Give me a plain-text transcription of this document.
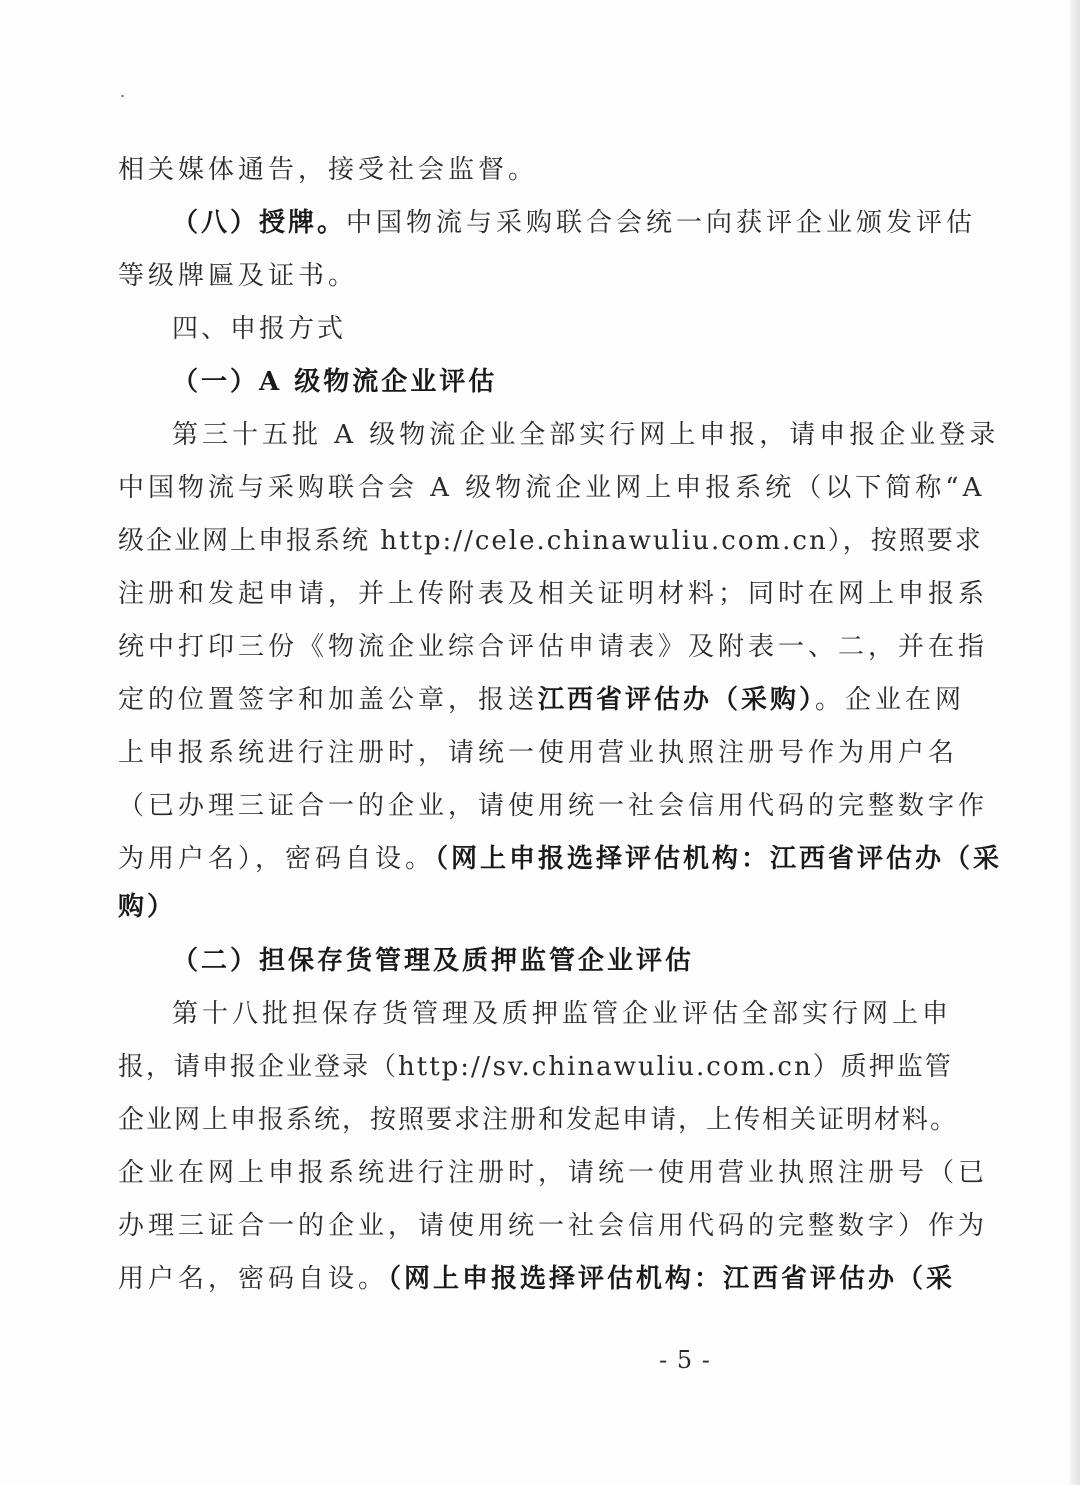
相关媒体通告，接受社会监督。
（八）授牌。中国物流与采购联合会统一向获评企业颁发评估
等级牌匾及证书。
四、申报方式
（一）A 级物流企业评估
第三十五批 A 级物流企业全部实行网上申报，请申报企业登录
中国物流与采购联合会 A 级物流企业网上申报系统（以下简称“A
级企业网上申报系统 http://cele.chinawuliu.com.cn），按照要求
注册和发起申请，并上传附表及相关证明材料；同时在网上申报系
统中打印三份《物流企业综合评估申请表》及附表一、二，并在指
定的位置签字和加盖公章，报送江西省评估办（采购）。企业在网
上申报系统进行注册时，请统一使用营业执照注册号作为用户名
（已办理三证合一的企业，请使用统一社会信用代码的完整数字作
为用户名），密码自设。（网上申报选择评估机构：江西省评估办（采
购）
（二）担保存货管理及质押监管企业评估
第十八批担保存货管理及质押监管企业评估全部实行网上申
报，请申报企业登录（http://sv.chinawuliu.com.cn）质押监管
企业网上申报系统，按照要求注册和发起申请，上传相关证明材料。
企业在网上申报系统进行注册时，请统一使用营业执照注册号（已
办理三证合一的企业，请使用统一社会信用代码的完整数字）作为
用户名，密码自设。（网上申报选择评估机构：江西省评估办（采
- 5 -
